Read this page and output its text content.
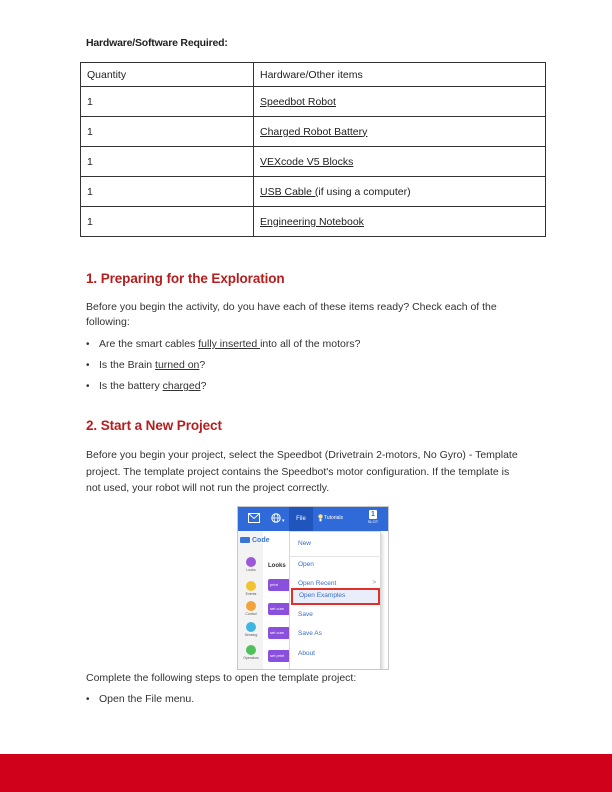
Hardware/Software Required:
Quantity	Hardware/Other items
1	Speedbot Robot
1	Charged Robot Battery
1	VEXcode V5 Blocks
1	USB Cable (if using a computer)
1	Engineering Notebook
1. Preparing for the Exploration

Before you begin the activity, do you have each of these items ready? Check each of the following:

• Are the smart cables fully inserted into all of the motors?
• Is the Brain turned on?
• Is the battery charged?
2. Start a New Project

Before you begin your project, select the Speedbot (Drivetrain 2-motors, No Gyro) - Template project. The template project contains the Speedbot's motor configuration. If the template is not used, your robot will not run the project correctly.

▾	File	Tutorials	1
SLOT
Code
Looks
Events
Control
Sensing
Operators
Looks
print
set curs
set curs
set print
New
Open
Open Recent	>
Open Examples
Save
Save As
About

Complete the following steps to open the template project:

• Open the File menu.
